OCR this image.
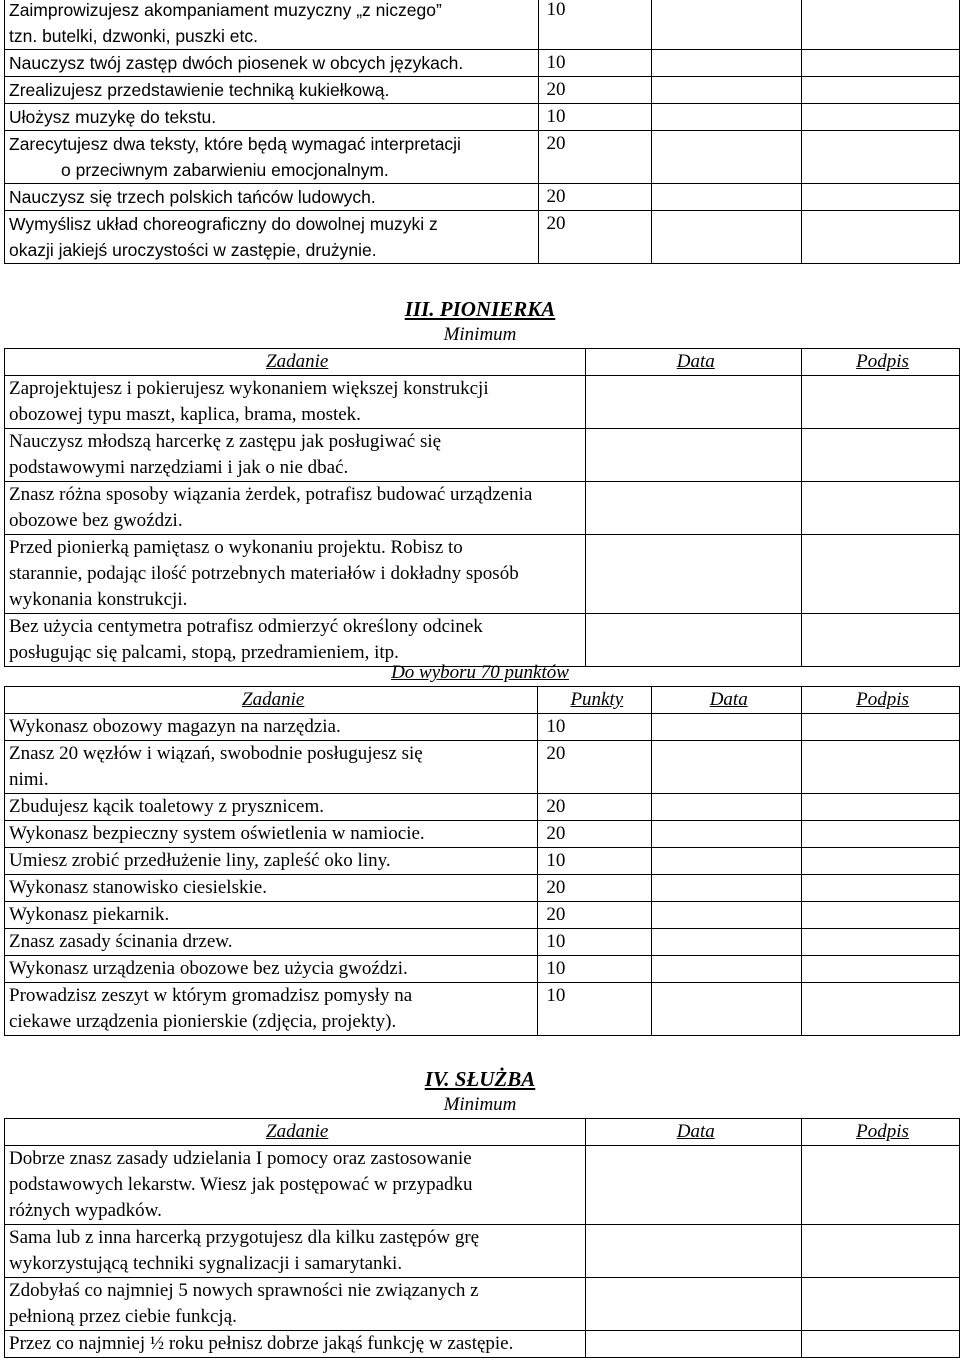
Zaimprowizujesz akompaniament muzyczny „z niczego”
tzn. butelki, dzwonki, puszki etc.	10		

Nauczysz twój zastęp dwóch piosenek w obcych językach.	10		

Zrealizujesz przedstawienie techniką kukiełkową.	20		

Ułożysz muzykę do tekstu.	10		

Zarecytujesz dwa teksty, które będą wymagać interpretacji
o przeciwnym zabarwieniu emocjonalnym.	20		

Nauczysz się trzech polskich tańców ludowych.	20		

Wymyślisz układ choreograficzny do dowolnej muzyki z
okazji jakiejś uroczystości w zastępie, drużynie.	20		
III. PIONIERKA
Minimum
Zadanie	Data	Podpis

Zaprojektujesz i pokierujesz wykonaniem większej konstrukcji
obozowej typu maszt, kaplica, brama, mostek.		

Nauczysz młodszą harcerkę z zastępu jak posługiwać się
podstawowymi narzędziami i jak o nie dbać.		

Znasz różna sposoby wiązania żerdek, potrafisz budować urządzenia
obozowe bez gwoździ.		

Przed pionierką pamiętasz o wykonaniu projektu. Robisz to
starannie, podając ilość potrzebnych materiałów i dokładny sposób
wykonania konstrukcji.		

Bez użycia centymetra potrafisz odmierzyć określony odcinek
posługując się palcami, stopą, przedramieniem, itp.		

Do wyboru 70 punktów
Zadanie	Punkty	Data	Podpis

Wykonasz obozowy magazyn na narzędzia.	10		

Znasz 20 węzłów i wiązań, swobodnie posługujesz się
nimi.	20		

Zbudujesz kącik toaletowy z prysznicem.	20		

Wykonasz bezpieczny system oświetlenia w namiocie.	20		

Umiesz zrobić przedłużenie liny, zapleść oko liny.	10		

Wykonasz stanowisko ciesielskie.	20		

Wykonasz piekarnik.	20		

Znasz zasady ścinania drzew.	10		

Wykonasz urządzenia obozowe bez użycia gwoździ.	10		

Prowadzisz zeszyt w którym gromadzisz pomysły na
ciekawe urządzenia pionierskie (zdjęcia, projekty).	10		
IV. SŁUŻBA
Minimum
Zadanie	Data	Podpis

Dobrze znasz zasady udzielania I pomocy oraz zastosowanie
podstawowych lekarstw. Wiesz jak postępować w przypadku
różnych wypadków.		

Sama lub z inna harcerką przygotujesz dla kilku zastępów grę
wykorzystującą techniki sygnalizacji i samarytanki.		

Zdobyłaś co najmniej 5 nowych sprawności nie związanych z
pełnioną przez ciebie funkcją.		

Przez co najmniej ½ roku pełnisz dobrze jakąś funkcję w zastępie.		
